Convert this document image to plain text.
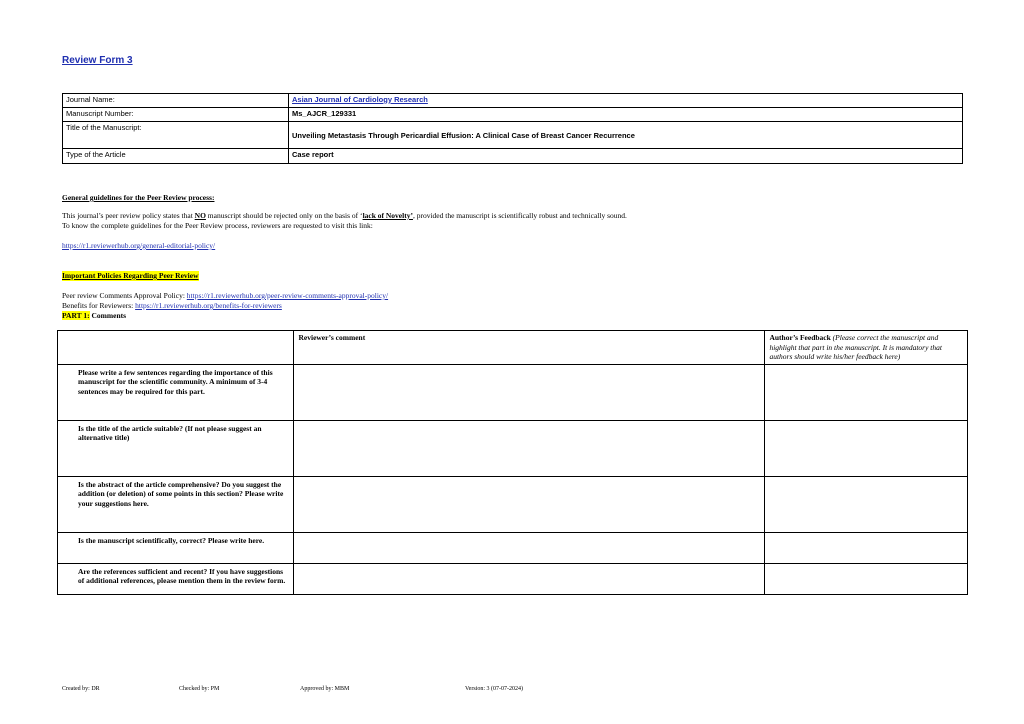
Review Form 3
Journal Name:	Asian Journal of Cardiology Research
Manuscript Number:	Ms_AJCR_129331
Title of the Manuscript:	Unveiling Metastasis Through Pericardial Effusion: A Clinical Case of Breast Cancer Recurrence
Type of the Article	Case report
General guidelines for the Peer Review process:
This journal’s peer review policy states that NO manuscript should be rejected only on the basis of ‘lack of Novelty’, provided the manuscript is scientifically robust and technically sound.
To know the complete guidelines for the Peer Review process, reviewers are requested to visit this link:
https://r1.reviewerhub.org/general-editorial-policy/
Important Policies Regarding Peer Review
Peer review Comments Approval Policy: https://r1.reviewerhub.org/peer-review-comments-approval-policy/
Benefits for Reviewers: https://r1.reviewerhub.org/benefits-for-reviewers
PART 1: Comments
	Reviewer’s comment	Author’s Feedback (Please correct the manuscript and highlight that part in the manuscript. It is mandatory that authors should write his/her feedback here)
Please write a few sentences regarding the importance of this manuscript for the scientific community. A minimum of 3-4 sentences may be required for this part.		
Is the title of the article suitable? (If not please suggest an alternative title)		
Is the abstract of the article comprehensive? Do you suggest the addition (or deletion) of some points in this section? Please write your suggestions here.		
Is the manuscript scientifically, correct? Please write here.		
Are the references sufficient and recent? If you have suggestions of additional references, please mention them in the review form.		
Created by: DR	Checked by: PM	Approved by: MBM	Version: 3 (07-07-2024)
